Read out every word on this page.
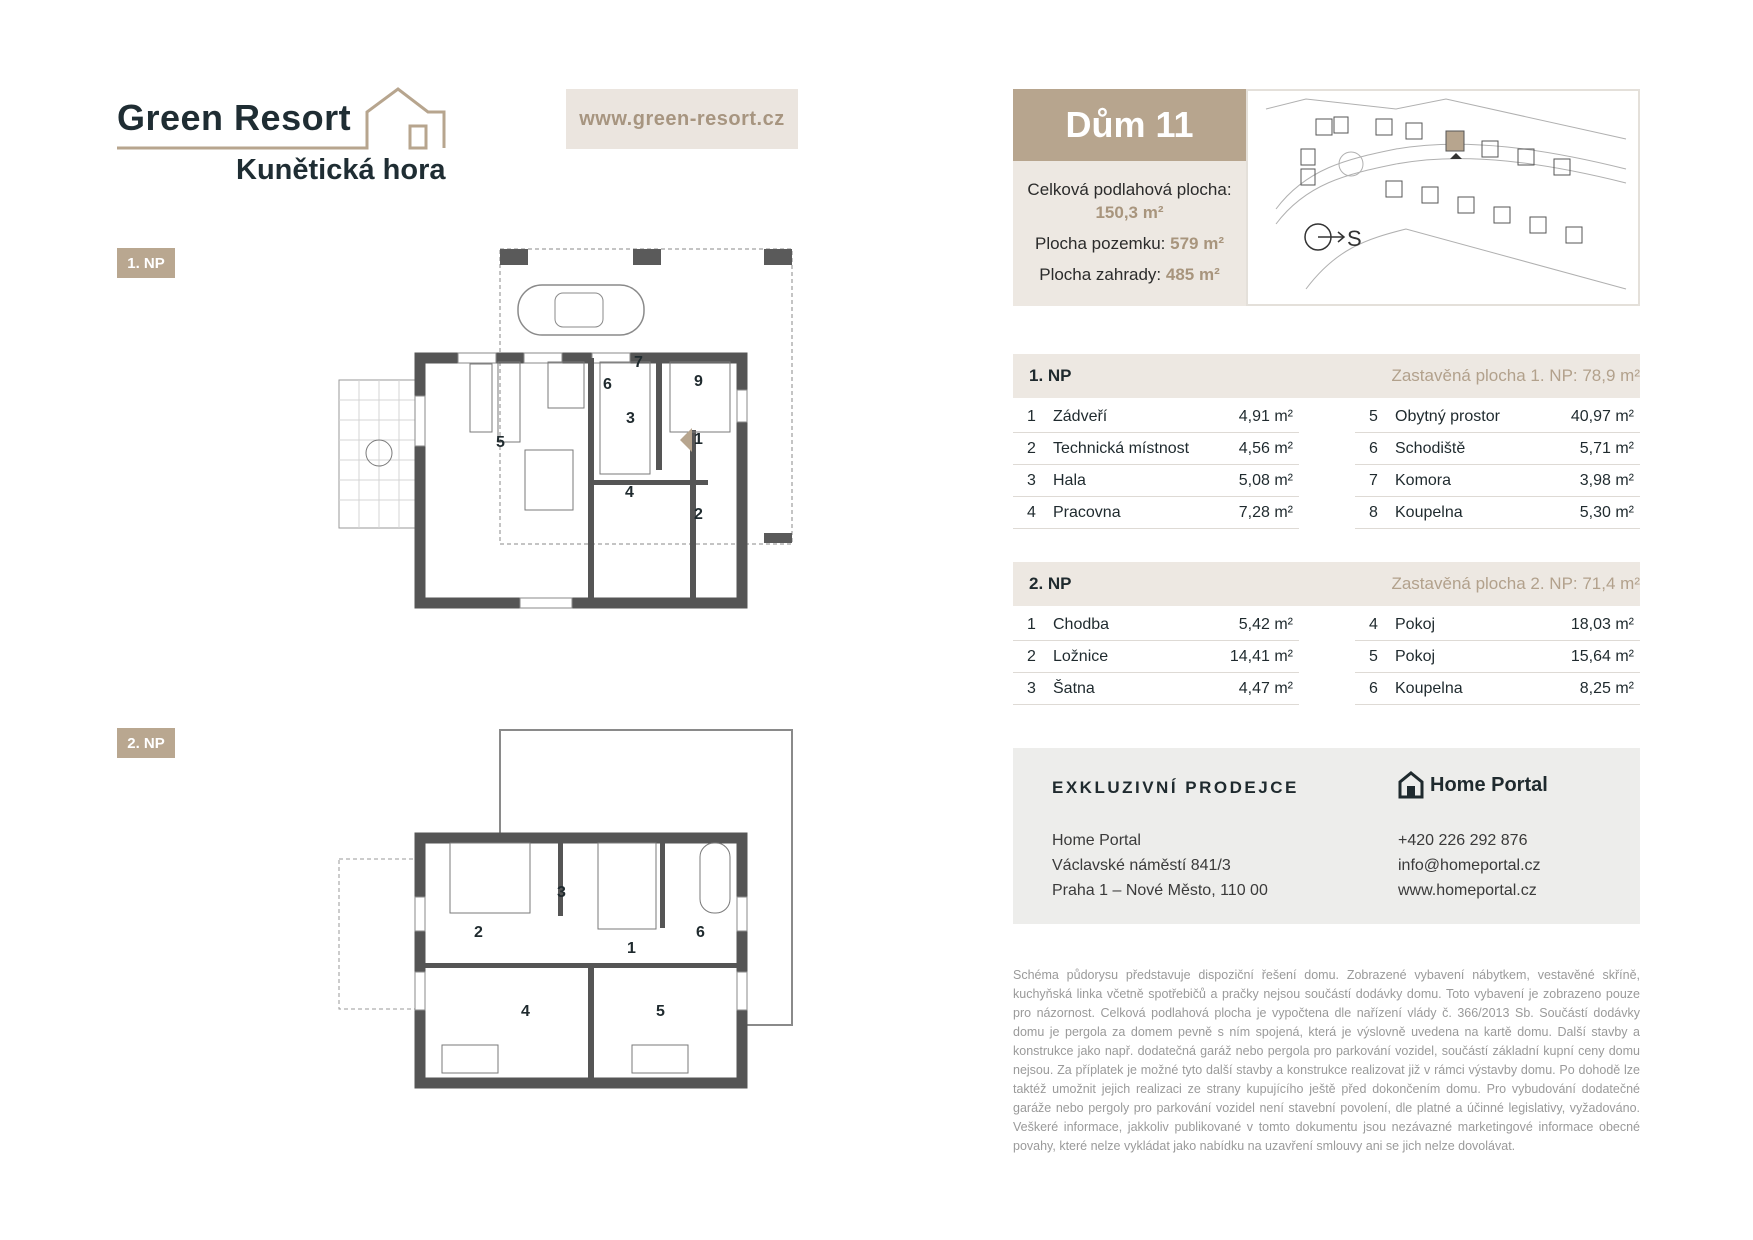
Green Resort
Kunětická hora
www.green-resort.cz
1. NP
2. NP
5
6
7
9
3
1
4
2
3
2	6
1
4	5
Dům 11

Celková podlahová plocha: 150,3 m²

Plocha pozemku: 579 m²

Plocha zahrady: 485 m²

S
1. NP	Zastavěná plocha 1. NP: 78,9 m²
1 Zádveří	4,91 m²
2 Technická místnost	4,56 m²
3 Hala	5,08 m²
4 Pracovna	7,28 m²
5 Obytný prostor	40,97 m²
6 Schodiště	5,71 m²
7 Komora	3,98 m²
8 Koupelna	5,30 m²
2. NP	Zastavěná plocha 2. NP: 71,4 m²
1 Chodba	5,42 m²
2 Ložnice	14,41 m²
3 Šatna	4,47 m²
4 Pokoj	18,03 m²
5 Pokoj	15,64 m²
6 Koupelna	8,25 m²
EXKLUZIVNÍ PRODEJCE	Home Portal
Home Portal
Václavské náměstí 841/3
Praha 1 – Nové Město, 110 00
+420 226 292 876
info@homeportal.cz
www.homeportal.cz
Schéma půdorysu představuje dispoziční řešení domu. Zobrazené vybavení nábytkem, vestavěné skříně, kuchyňská linka včetně spotřebičů a pračky nejsou součástí dodávky domu. Toto vybavení je zobrazeno pouze pro názornost. Celková podlahová plocha je vypočtena dle nařízení vlády č. 366/2013 Sb. Součástí dodávky domu je pergola za domem pevně s ním spojená, která je výslovně uvedena na kartě domu. Další stavby a konstrukce jako např. dodatečná garáž nebo pergola pro parkování vozidel, součástí základní kupní ceny domu nejsou. Za příplatek je možné tyto další stavby a konstrukce realizovat již v rámci výstavby domu. Po dohodě lze taktéž umožnit jejich realizaci ze strany kupujícího ještě před dokončením domu. Pro vybudování dodatečné garáže nebo pergoly pro parkování vozidel není stavební povolení, dle platné a účinné legislativy, vyžadováno. Veškeré informace, jakkoliv publikované v tomto dokumentu jsou nezávazné marketingové informace obecné povahy, které nelze vykládat jako nabídku na uzavření smlouvy ani se jich nelze dovolávat.
